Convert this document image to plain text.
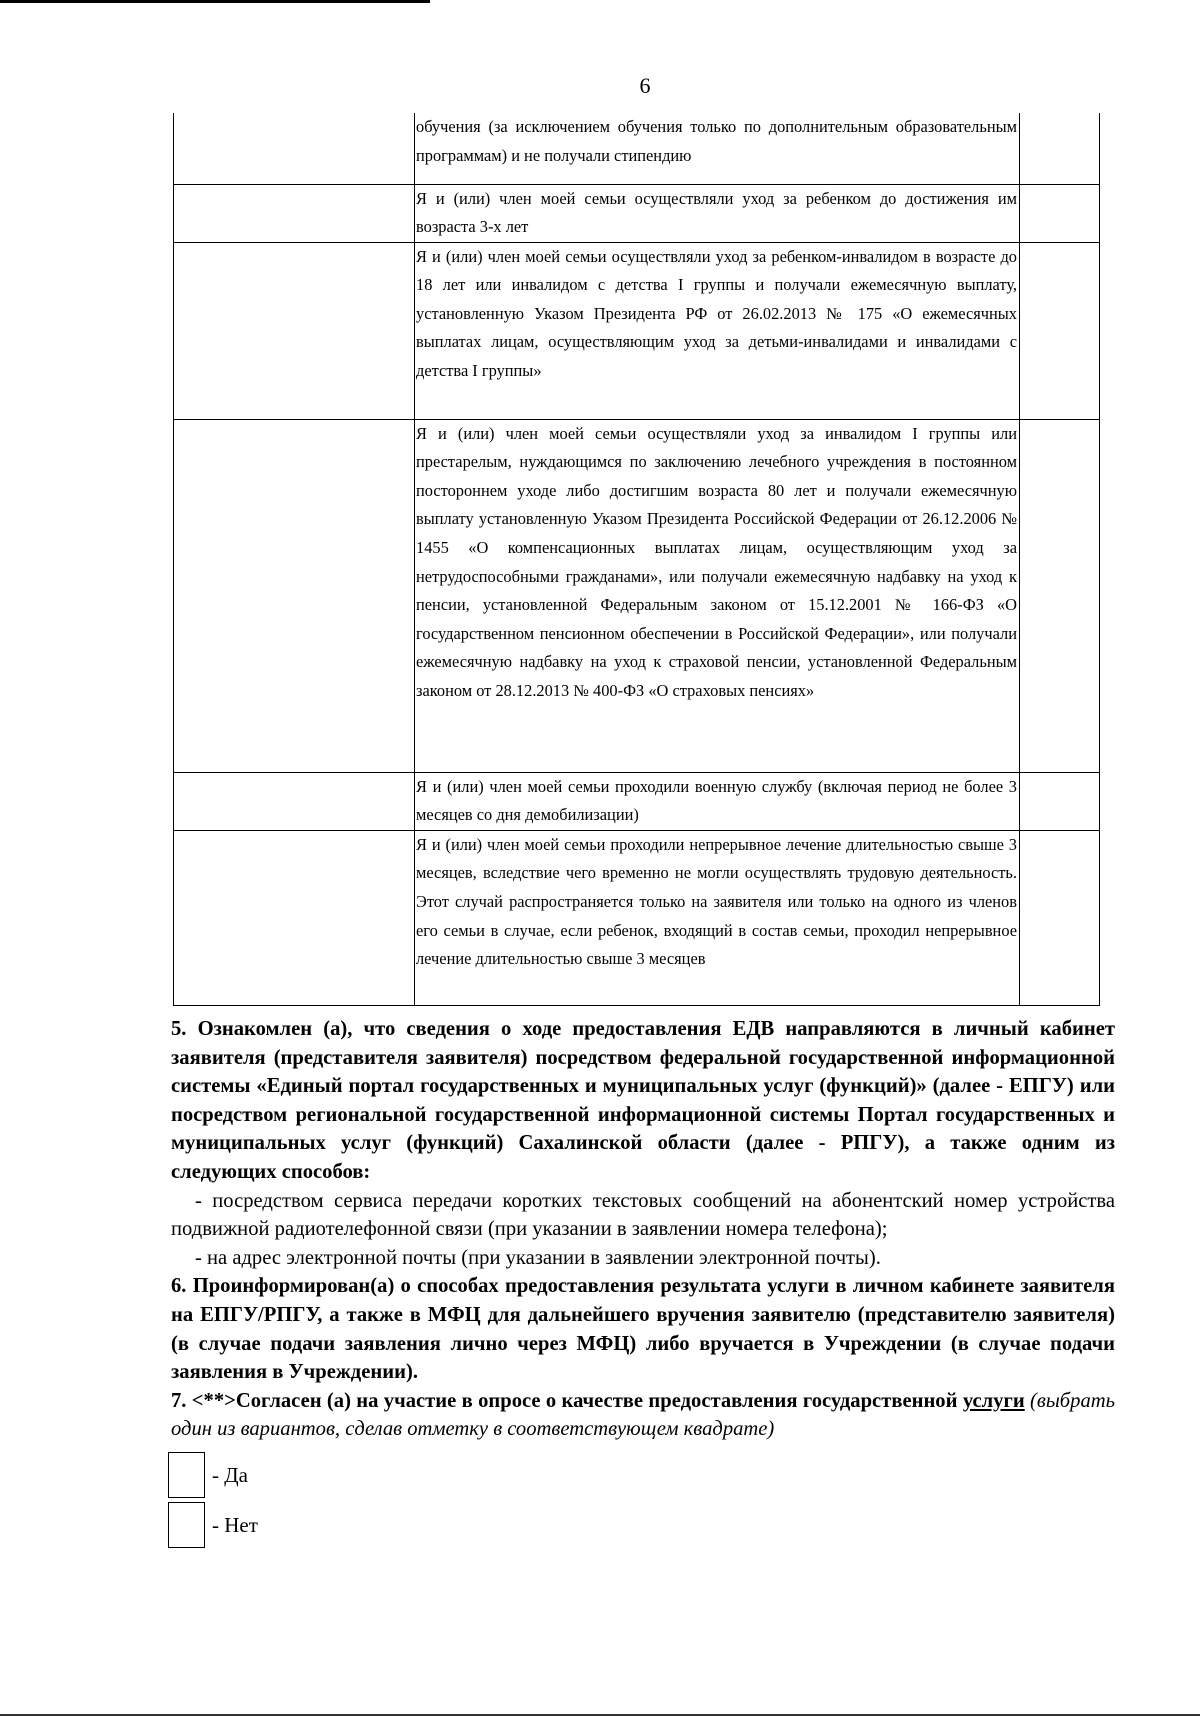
6

	обучения (за исключением обучения только по дополнительным образовательным программам) и не получали стипендию	

	Я и (или) член моей семьи осуществляли уход за ребенком до достижения им возраста 3-х лет	

	Я и (или) член моей семьи осуществляли уход за ребенком-инвалидом в возрасте до 18 лет или инвалидом с детства I группы и получали ежемесячную выплату, установленную Указом Президента РФ от 26.02.2013 № 175 «О ежемесячных выплатах лицам, осуществляющим уход за детьми-инвалидами и инвалидами с детства I группы»	

	Я и (или) член моей семьи осуществляли уход за инвалидом I группы или престарелым, нуждающимся по заключению лечебного учреждения в постоянном постороннем уходе либо достигшим возраста 80 лет и получали ежемесячную выплату установленную Указом Президента Российской Федерации от 26.12.2006 № 1455 «О компенсационных выплатах лицам, осуществляющим уход за нетрудоспособными гражданами», или получали ежемесячную надбавку на уход к пенсии, установленной Федеральным законом от 15.12.2001 № 166-ФЗ «О государственном пенсионном обеспечении в Российской Федерации», или получали ежемесячную надбавку на уход к страховой пенсии, установленной Федеральным законом от 28.12.2013 № 400-ФЗ «О страховых пенсиях»	

	Я и (или) член моей семьи проходили военную службу (включая период не более 3 месяцев со дня демобилизации)	

	Я и (или) член моей семьи проходили непрерывное лечение длительностью свыше 3 месяцев, вследствие чего временно не могли осуществлять трудовую деятельность. Этот случай распространяется только на заявителя или только на одного из членов его семьи в случае, если ребенок, входящий в состав семьи, проходил непрерывное лечение длительностью свыше 3 месяцев	

5. Ознакомлен (а), что сведения о ходе предоставления ЕДВ направляются в личный кабинет заявителя (представителя заявителя) посредством федеральной государственной информационной системы «Единый портал государственных и муниципальных услуг (функций)» (далее - ЕПГУ) или посредством региональной государственной информационной системы Портал государственных и муниципальных услуг (функций) Сахалинской области (далее - РПГУ), а также одним из следующих способов:

- посредством сервиса передачи коротких текстовых сообщений на абонентский номер устройства подвижной радиотелефонной связи (при указании в заявлении номера телефона);

- на адрес электронной почты (при указании в заявлении электронной почты).

6. Проинформирован(а) о способах предоставления результата услуги в личном кабинете заявителя на ЕПГУ/РПГУ, а также в МФЦ для дальнейшего вручения заявителю (представителю заявителя) (в случае подачи заявления лично через МФЦ) либо вручается в Учреждении (в случае подачи заявления в Учреждении).

7. <**>Согласен (а) на участие в опросе о качестве предоставления государственной услуги (выбрать один из вариантов, сделав отметку в соответствующем квадрате)

- Да
- Нет
